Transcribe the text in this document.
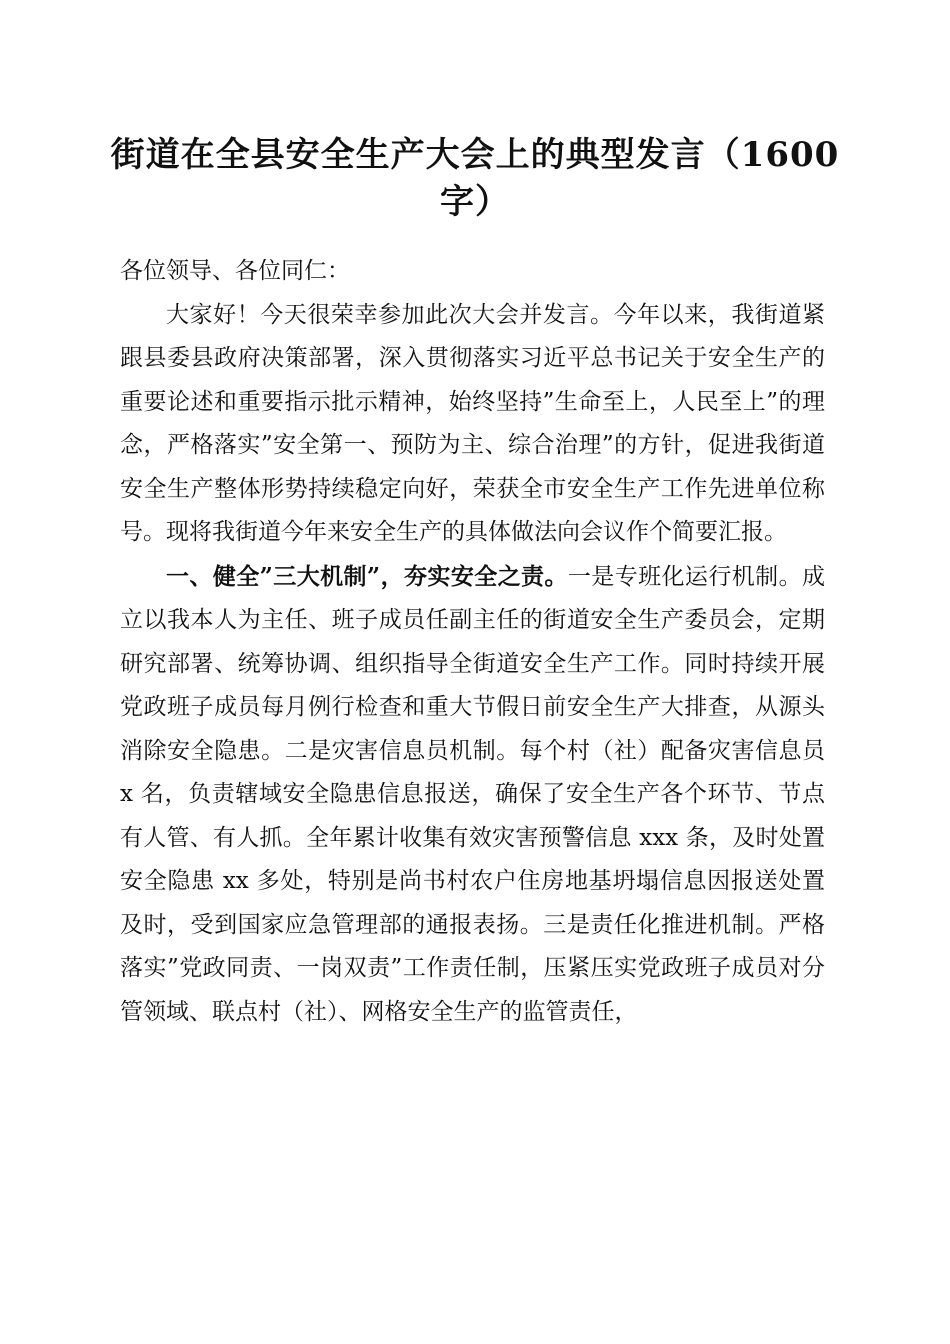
街道在全县安全生产大会上的典型发言（1600字）

各位领导、各位同仁：

大家好！今天很荣幸参加此次大会并发言。今年以来，我街道紧跟县委县政府决策部署，深入贯彻落实习近平总书记关于安全生产的重要论述和重要指示批示精神，始终坚持”生命至上，人民至上”的理念，严格落实”安全第一、预防为主、综合治理”的方针，促进我街道安全生产整体形势持续稳定向好，荣获全市安全生产工作先进单位称号。现将我街道今年来安全生产的具体做法向会议作个简要汇报。

一、健全”三大机制”，夯实安全之责。一是专班化运行机制。成立以我本人为主任、班子成员任副主任的街道安全生产委员会，定期研究部署、统筹协调、组织指导全街道安全生产工作。同时持续开展党政班子成员每月例行检查和重大节假日前安全生产大排查，从源头消除安全隐患。二是灾害信息员机制。每个村（社）配备灾害信息员 x 名，负责辖域安全隐患信息报送，确保了安全生产各个环节、节点有人管、有人抓。全年累计收集有效灾害预警信息 xxx 条，及时处置安全隐患 xx 多处，特别是尚书村农户住房地基坍塌信息因报送处置及时，受到国家应急管理部的通报表扬。三是责任化推进机制。严格落实”党政同责、一岗双责”工作责任制，压紧压实党政班子成员对分管领域、联点村（社）、网格安全生产的监管责任，
